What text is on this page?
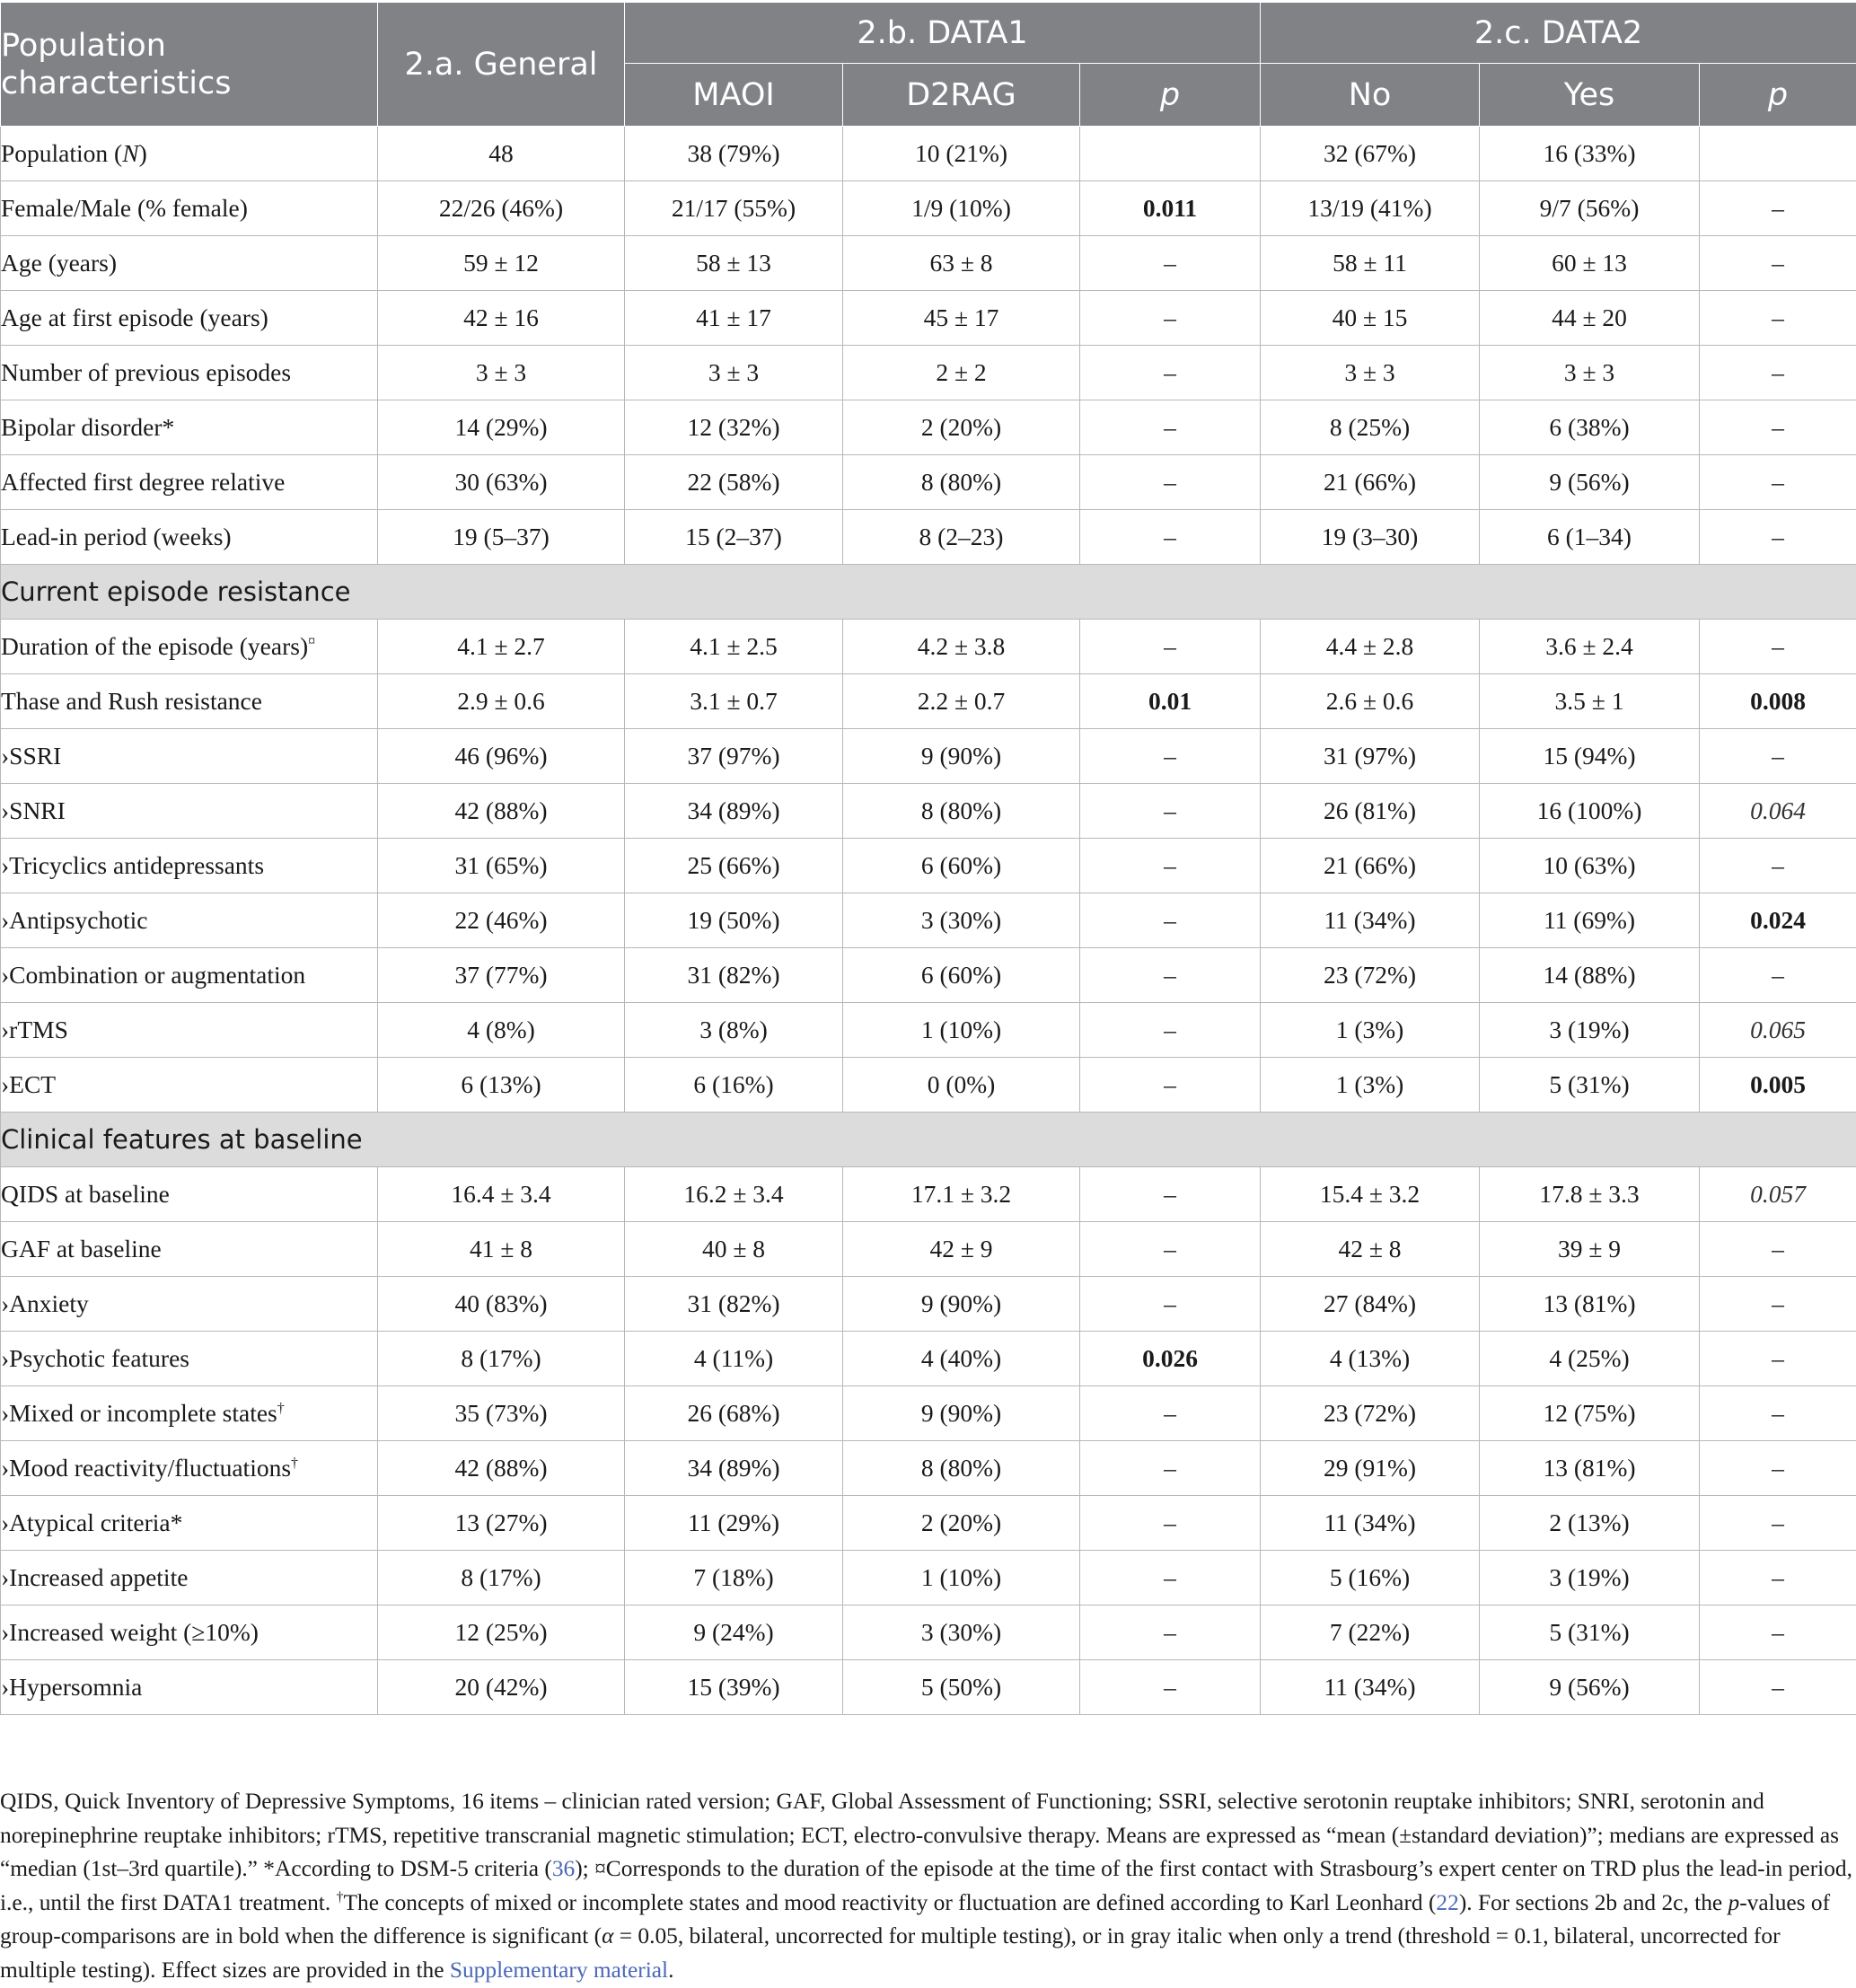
Population characteristics	2.a. General	2.b. DATA1			2.c. DATA2		
		MAOI	D2RAG	p	No	Yes	p
Population (N)	48	38 (79%)	10 (21%)		32 (67%)	16 (33%)	
Female/Male (% female)	22/26 (46%)	21/17 (55%)	1/9 (10%)	0.011	13/19 (41%)	9/7 (56%)	–
Age (years)	59 ± 12	58 ± 13	63 ± 8	–	58 ± 11	60 ± 13	–
Age at first episode (years)	42 ± 16	41 ± 17	45 ± 17	–	40 ± 15	44 ± 20	–
Number of previous episodes	3 ± 3	3 ± 3	2 ± 2	–	3 ± 3	3 ± 3	–
Bipolar disorder*	14 (29%)	12 (32%)	2 (20%)	–	8 (25%)	6 (38%)	–
Affected first degree relative	30 (63%)	22 (58%)	8 (80%)	–	21 (66%)	9 (56%)	–
Lead-in period (weeks)	19 (5–37)	15 (2–37)	8 (2–23)	–	19 (3–30)	6 (1–34)	–
Current episode resistance							
Duration of the episode (years)¤	4.1 ± 2.7	4.1 ± 2.5	4.2 ± 3.8	–	4.4 ± 2.8	3.6 ± 2.4	–
Thase and Rush resistance	2.9 ± 0.6	3.1 ± 0.7	2.2 ± 0.7	0.01	2.6 ± 0.6	3.5 ± 1	0.008
›SSRI	46 (96%)	37 (97%)	9 (90%)	–	31 (97%)	15 (94%)	–
›SNRI	42 (88%)	34 (89%)	8 (80%)	–	26 (81%)	16 (100%)	0.064
›Tricyclics antidepressants	31 (65%)	25 (66%)	6 (60%)	–	21 (66%)	10 (63%)	–
›Antipsychotic	22 (46%)	19 (50%)	3 (30%)	–	11 (34%)	11 (69%)	0.024
›Combination or augmentation	37 (77%)	31 (82%)	6 (60%)	–	23 (72%)	14 (88%)	–
›rTMS	4 (8%)	3 (8%)	1 (10%)	–	1 (3%)	3 (19%)	0.065
›ECT	6 (13%)	6 (16%)	0 (0%)	–	1 (3%)	5 (31%)	0.005
Clinical features at baseline							
QIDS at baseline	16.4 ± 3.4	16.2 ± 3.4	17.1 ± 3.2	–	15.4 ± 3.2	17.8 ± 3.3	0.057
GAF at baseline	41 ± 8	40 ± 8	42 ± 9	–	42 ± 8	39 ± 9	–
›Anxiety	40 (83%)	31 (82%)	9 (90%)	–	27 (84%)	13 (81%)	–
›Psychotic features	8 (17%)	4 (11%)	4 (40%)	0.026	4 (13%)	4 (25%)	–
›Mixed or incomplete states†	35 (73%)	26 (68%)	9 (90%)	–	23 (72%)	12 (75%)	–
›Mood reactivity/fluctuations†	42 (88%)	34 (89%)	8 (80%)	–	29 (91%)	13 (81%)	–
›Atypical criteria*	13 (27%)	11 (29%)	2 (20%)	–	11 (34%)	2 (13%)	–
›Increased appetite	8 (17%)	7 (18%)	1 (10%)	–	5 (16%)	3 (19%)	–
›Increased weight (≥10%)	12 (25%)	9 (24%)	3 (30%)	–	7 (22%)	5 (31%)	–
›Hypersomnia	20 (42%)	15 (39%)	5 (50%)	–	11 (34%)	9 (56%)	–
QIDS, Quick Inventory of Depressive Symptoms, 16 items – clinician rated version; GAF, Global Assessment of Functioning; SSRI, selective serotonin reuptake inhibitors; SNRI, serotonin and norepinephrine reuptake inhibitors; rTMS, repetitive transcranial magnetic stimulation; ECT, electro-convulsive therapy. Means are expressed as “mean (±standard deviation)”; medians are expressed as “median (1st–3rd quartile).” *According to DSM-5 criteria (36); ¤Corresponds to the duration of the episode at the time of the first contact with Strasbourg’s expert center on TRD plus the lead-in period, i.e., until the first DATA1 treatment. †The concepts of mixed or incomplete states and mood reactivity or fluctuation are defined according to Karl Leonhard (22). For sections 2b and 2c, the p-values of group-comparisons are in bold when the difference is significant (α = 0.05, bilateral, uncorrected for multiple testing), or in gray italic when only a trend (threshold = 0.1, bilateral, uncorrected for multiple testing). Effect sizes are provided in the Supplementary material.
